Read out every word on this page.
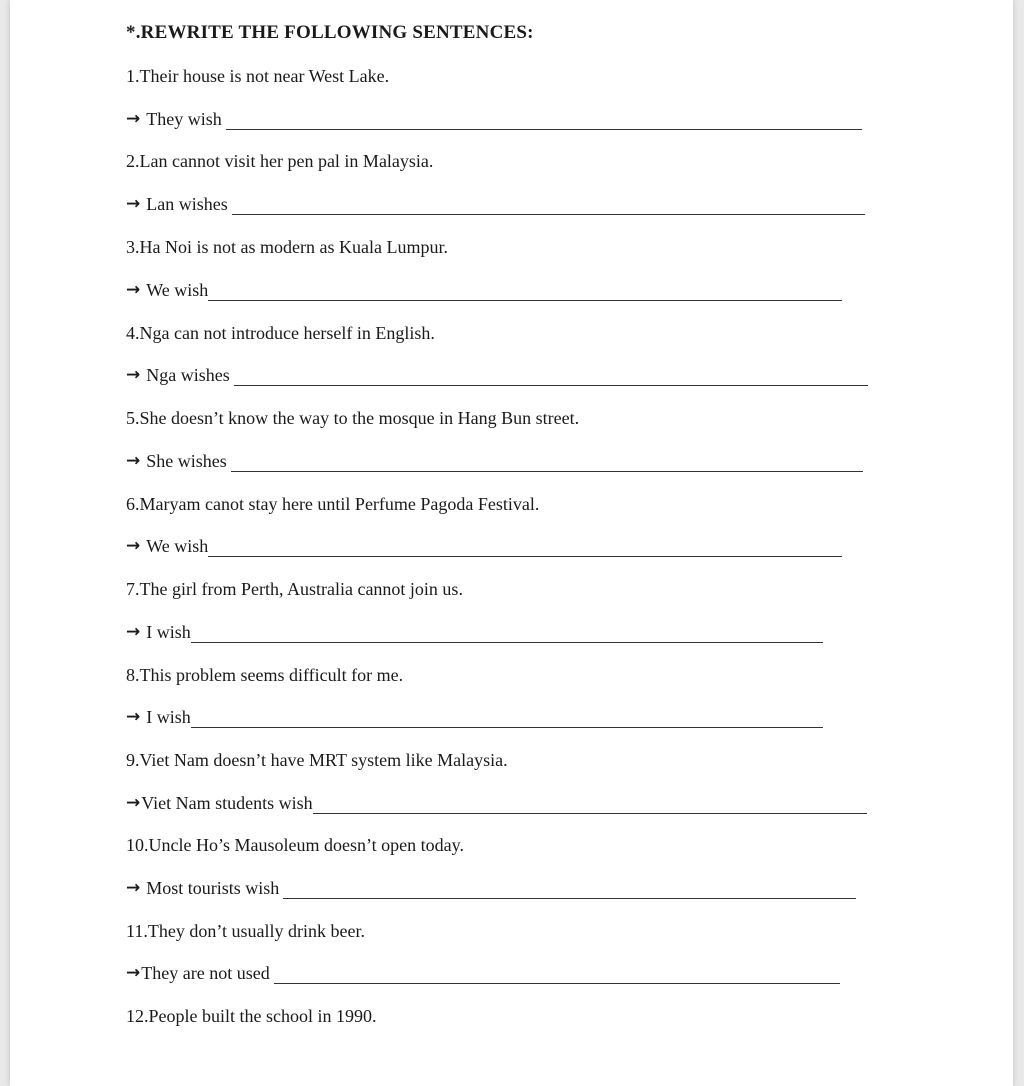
*.REWRITE THE FOLLOWING SENTENCES:
1.Their house is not near West Lake.
→ They wish
2.Lan cannot visit her pen pal in Malaysia.
→ Lan wishes
3.Ha Noi is not as modern as Kuala Lumpur.
→ We wish
4.Nga can not introduce herself in English.
→ Nga wishes
5.She doesn’t know the way to the mosque in Hang Bun street.
→ She wishes
6.Maryam canot stay here until Perfume Pagoda Festival.
→ We wish
7.The girl from Perth, Australia cannot join us.
→ I wish
8.This problem seems difficult for me.
→ I wish
9.Viet Nam doesn’t have MRT system like Malaysia.
→ Viet Nam students wish
10.Uncle Ho’s Mausoleum doesn’t open today.
→ Most tourists wish
11.They don’t usually drink beer.
→ They are not used
12.People built the school in 1990.
